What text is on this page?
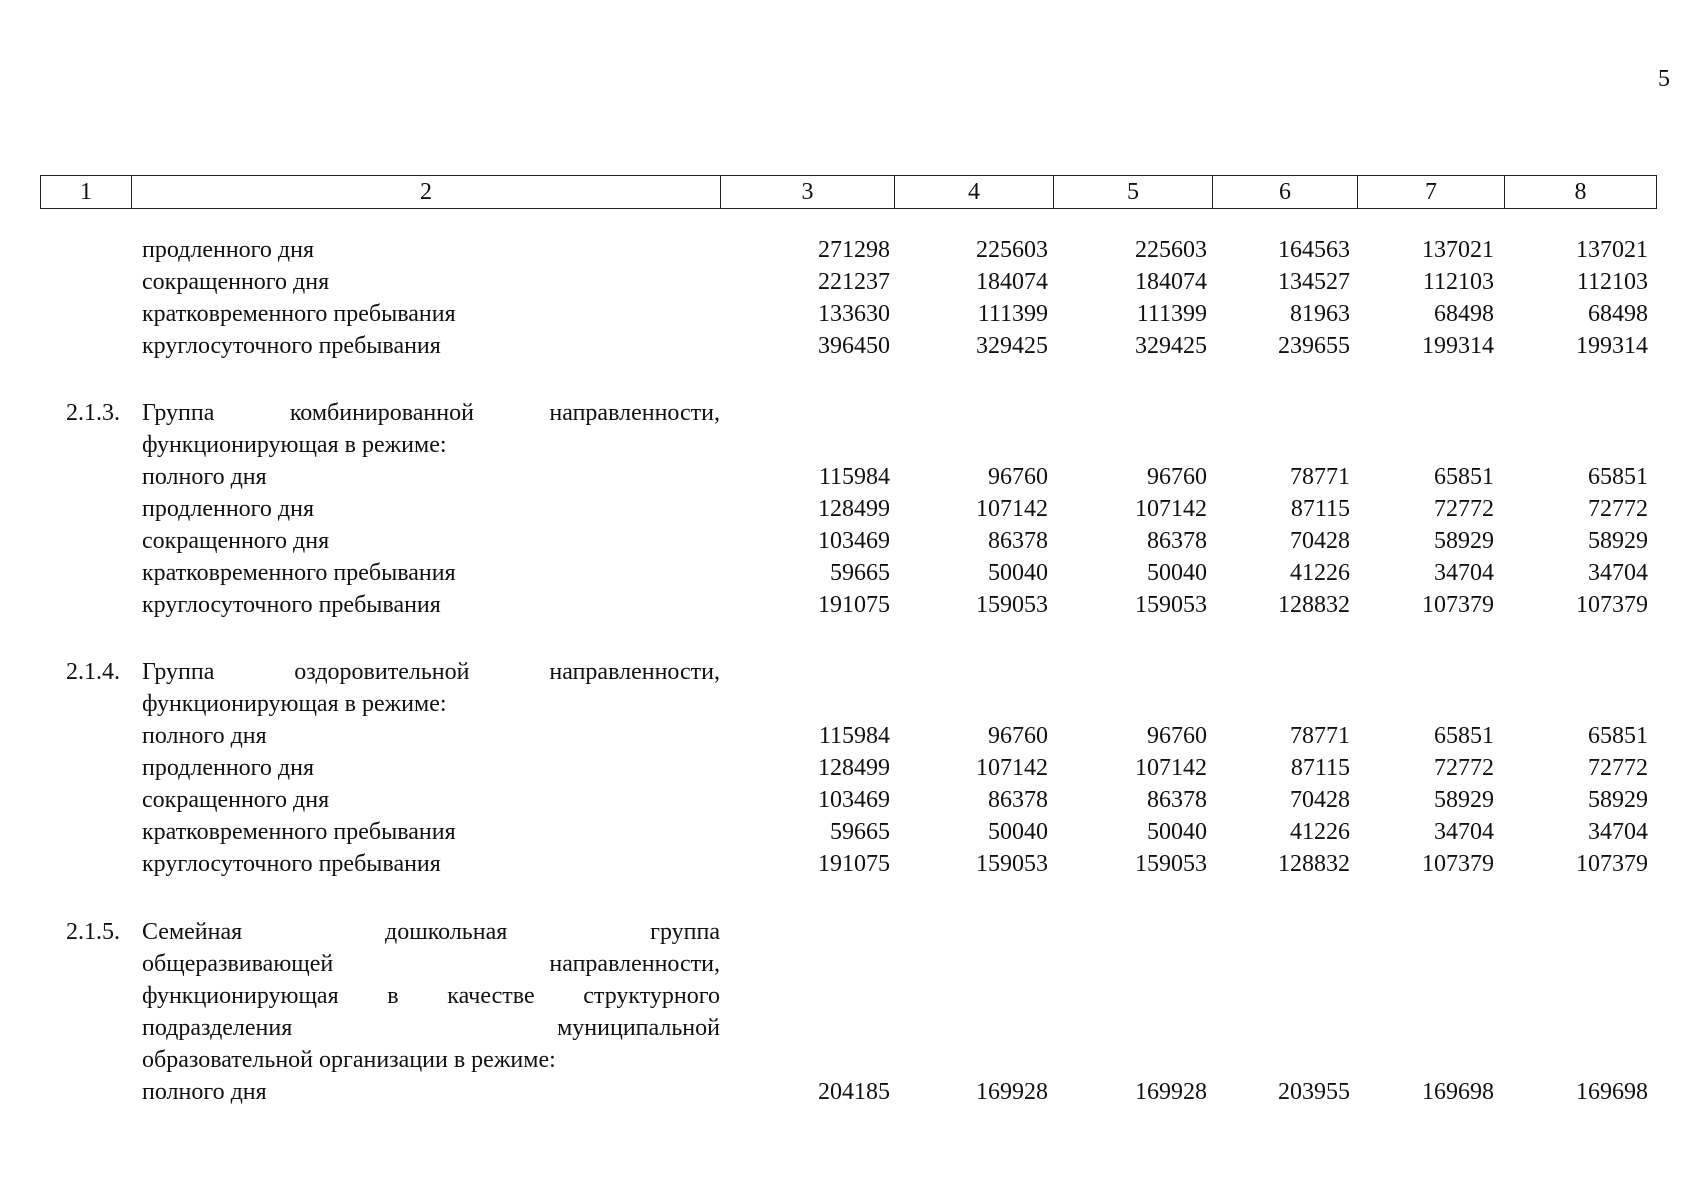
5
1	2	3	4	5	6	7	8
продленного дня	271298	225603	225603	164563	137021	137021
сокращенного дня	221237	184074	184074	134527	112103	112103
кратковременного пребывания	133630	111399	111399	81963	68498	68498
круглосуточного пребывания	396450	329425	329425	239655	199314	199314
2.1.3. Группа комбинированной направленности,
функционирующая в режиме:
полного дня	115984	96760	96760	78771	65851	65851
продленного дня	128499	107142	107142	87115	72772	72772
сокращенного дня	103469	86378	86378	70428	58929	58929
кратковременного пребывания	59665	50040	50040	41226	34704	34704
круглосуточного пребывания	191075	159053	159053	128832	107379	107379
2.1.4. Группа оздоровительной направленности,
функционирующая в режиме:
полного дня	115984	96760	96760	78771	65851	65851
продленного дня	128499	107142	107142	87115	72772	72772
сокращенного дня	103469	86378	86378	70428	58929	58929
кратковременного пребывания	59665	50040	50040	41226	34704	34704
круглосуточного пребывания	191075	159053	159053	128832	107379	107379
2.1.5. Семейная дошкольная группа
общеразвивающей направленности,
функционирующая в качестве структурного
подразделения муниципальной
образовательной организации в режиме:
полного дня	204185	169928	169928	203955	169698	169698
